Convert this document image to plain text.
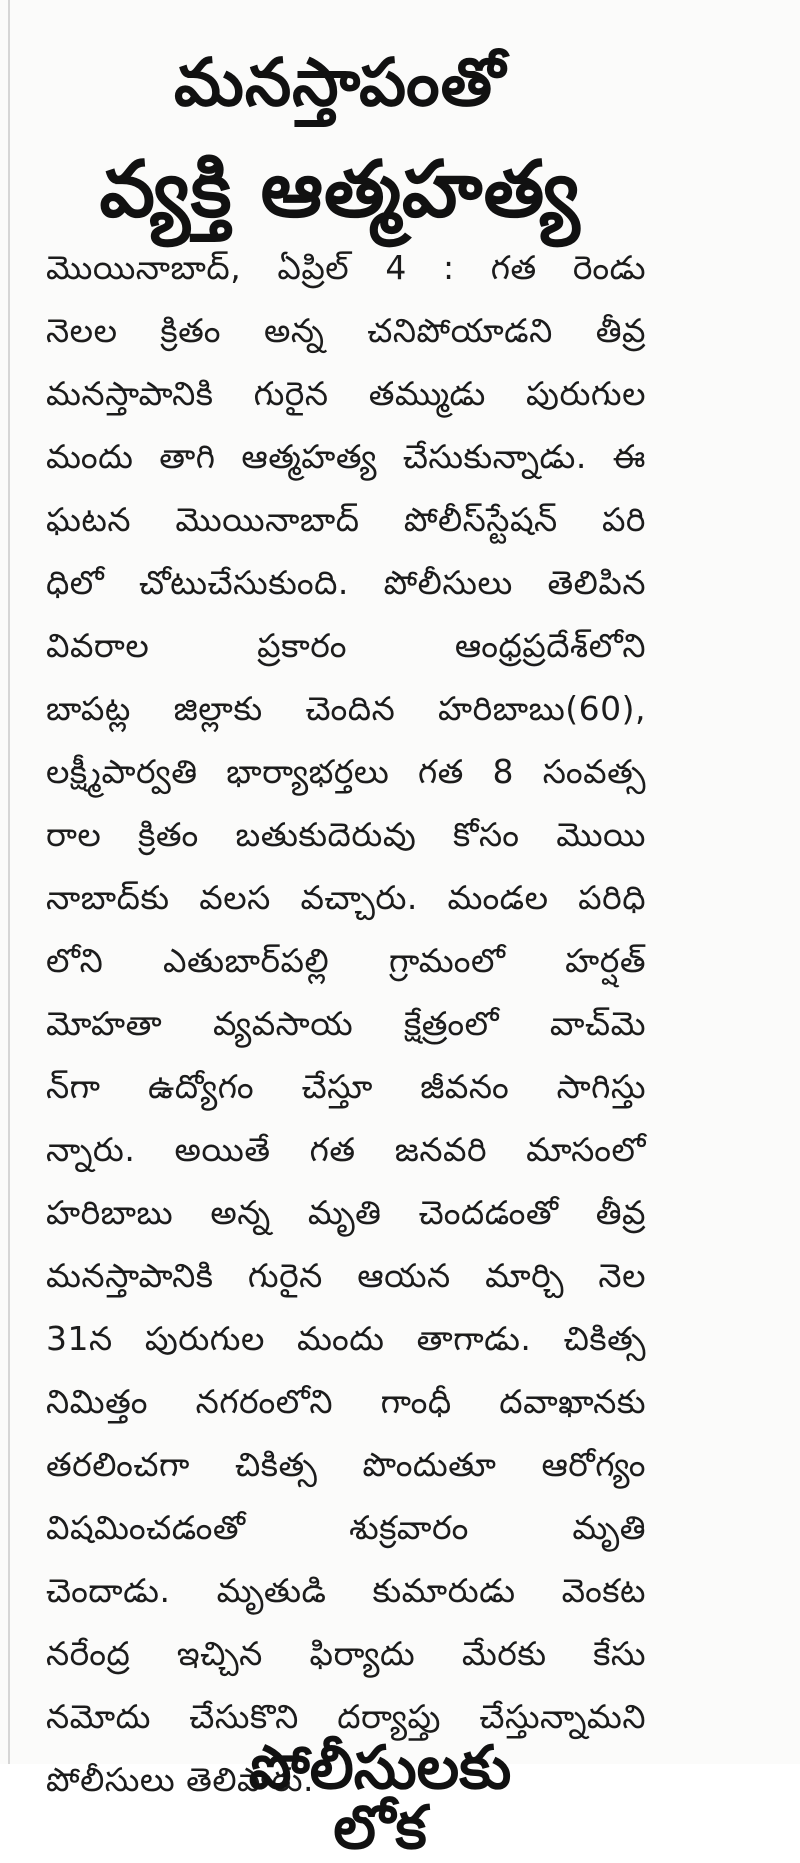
మనస్తాపంతో
వ్యక్తి ఆత్మహత్య
మొయినాబాద్, ఏప్రిల్ 4 : గత రెండు
నెలల క్రితం అన్న చనిపోయాడని తీవ్ర
మనస్తాపానికి గురైన తమ్ముడు పురుగుల
మందు తాగి ఆత్మహత్య చేసుకున్నాడు. ఈ
ఘటన మొయినాబాద్ పోలీస్‌స్టేషన్ పరి
ధిలో చోటుచేసుకుంది. పోలీసులు తెలిపిన
వివరాల ప్రకారం ఆంధ్రప్రదేశ్‌లోని
బాపట్ల జిల్లాకు చెందిన హరిబాబు(60),
లక్ష్మీపార్వతి భార్యాభర్తలు గత 8 సంవత్స
రాల క్రితం బతుకుదెరువు కోసం మొయి
నాబాద్‌కు వలస వచ్చారు. మండల పరిధి
లోని ఎతుబార్‌పల్లి గ్రామంలో హర్షత్
మోహతా వ్యవసాయ క్షేత్రంలో వాచ్‌మె
న్‌గా ఉద్యోగం చేస్తూ జీవనం సాగిస్తు
న్నారు. అయితే గత జనవరి మాసంలో
హరిబాబు అన్న మృతి చెందడంతో తీవ్ర
మనస్తాపానికి గురైన ఆయన మార్చి నెల
31న పురుగుల మందు తాగాడు. చికిత్స
నిమిత్తం నగరంలోని గాంధీ దవాఖానకు
తరలించగా చికిత్స పొందుతూ ఆరోగ్యం
విషమించడంతో శుక్రవారం మృతి
చెందాడు. మృతుడి కుమారుడు వెంకట
నరేంద్ర ఇచ్చిన ఫిర్యాదు మేరకు కేసు
నమోదు చేసుకొని దర్యాప్తు చేస్తున్నామని
పోలీసులు తెలిపారు.
పోలీసులకు లోక
